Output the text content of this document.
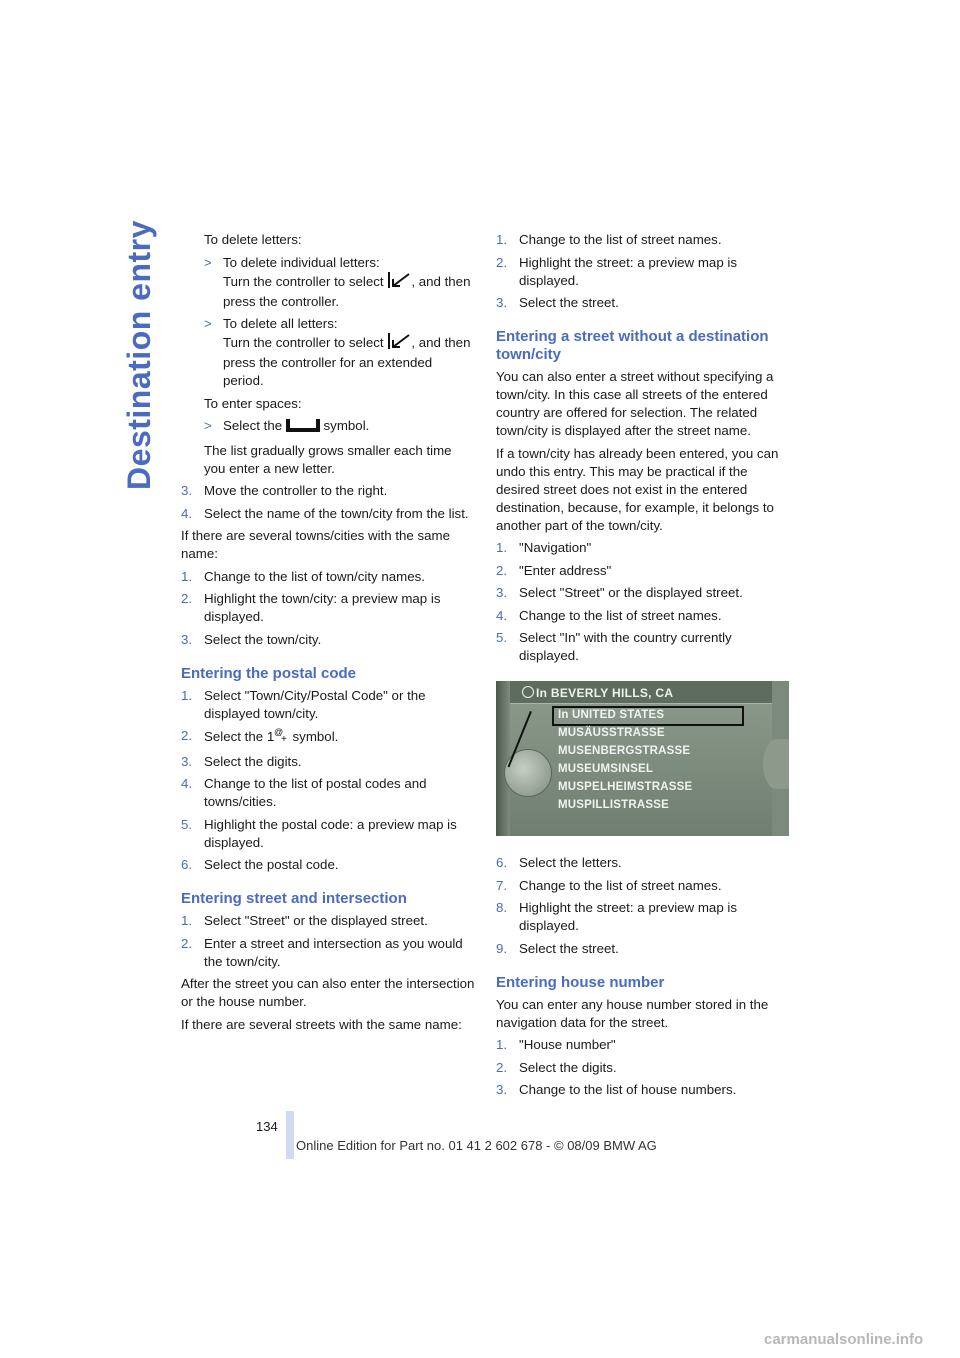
Destination entry	To delete letters:

> To delete individual letters:
Turn the controller to select , and then press the controller.
> To delete all letters:
Turn the controller to select , and then press the controller for an extended period.

To enter spaces:

> Select the	symbol.

The list gradually grows smaller each time you enter a new letter.

3. Move the controller to the right.
4. Select the name of the town/city from the list.

If there are several towns/cities with the same name:

1. Change to the list of town/city names.
2. Highlight the town/city: a preview map is displayed.
3. Select the town/city.
Entering the postal code
1. Select "Town/City/Postal Code" or the displayed town/city.
2. Select the 1 @
+ symbol.
3. Select the digits.
4. Change to the list of postal codes and towns/cities.
5. Highlight the postal code: a preview map is displayed.
6. Select the postal code.
Entering street and intersection
1. Select "Street" or the displayed street.
2. Enter a street and intersection as you would the town/city.

After the street you can also enter the intersection or the house number.

If there are several streets with the same name:

1. Change to the list of street names.
2. Highlight the street: a preview map is displayed.
3. Select the street.
Entering a street without a destination town/city

You can also enter a street without specifying a town/city. In this case all streets of the entered country are offered for selection. The related town/city is displayed after the street name.

If a town/city has already been entered, you can undo this entry. This may be practical if the desired street does not exist in the entered destination, because, for example, it belongs to another part of the town/city.

1. "Navigation"
2. "Enter address"
3. Select "Street" or the displayed street.
4. Change to the list of street names.
5. Select "In" with the country currently displayed.
In BEVERLY HILLS, CA
In UNITED STATES
MUSÄUSSTRASSE
MUSENBERGSTRASSE
MUSEUMSINSEL
MUSPELHEIMSTRASSE
MUSPILLISTRASSE
6. Select the letters.
7. Change to the list of street names.
8. Highlight the street: a preview map is displayed.
9. Select the street.
Entering house number

You can enter any house number stored in the navigation data for the street.

1. "House number"
2. Select the digits.
3. Change to the list of house numbers.
134
Online Edition for Part no. 01 41 2 602 678 - © 08/09 BMW AG
carmanualsonline.info
